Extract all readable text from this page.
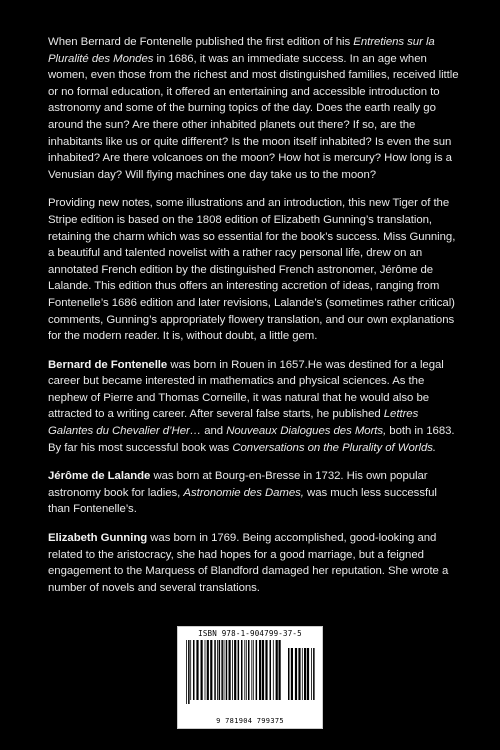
When Bernard de Fontenelle published the first edition of his Entretiens sur la Pluralité des Mondes in 1686, it was an immediate success. In an age when women, even those from the richest and most distinguished families, received little or no formal education, it offered an entertaining and accessible introduction to astronomy and some of the burning topics of the day. Does the earth really go around the sun? Are there other inhabited planets out there? If so, are the inhabitants like us or quite different? Is the moon itself inhabited? Is even the sun inhabited? Are there volcanoes on the moon? How hot is mercury? How long is a Venusian day? Will flying machines one day take us to the moon?

Providing new notes, some illustrations and an introduction, this new Tiger of the Stripe edition is based on the 1808 edition of Elizabeth Gunning’s translation, retaining the charm which was so essential for the book’s success. Miss Gunning, a beautiful and talented novelist with a rather racy personal life, drew on an annotated French edition by the distinguished French astronomer, Jérôme de Lalande. This edition thus offers an interesting accretion of ideas, ranging from Fontenelle’s 1686 edition and later revisions, Lalande’s (sometimes rather critical) comments, Gunning’s appropriately flowery translation, and our own explanations for the modern reader. It is, without doubt, a little gem.

Bernard de Fontenelle was born in Rouen in 1657.He was destined for a legal career but became interested in mathematics and physical sciences. As the nephew of Pierre and Thomas Corneille, it was natural that he would also be attracted to a writing career. After several false starts, he published Lettres Galantes du Chevalier d’Her… and Nouveaux Dialogues des Morts, both in 1683. By far his most successful book was Conversations on the Plurality of Worlds.

Jérôme de Lalande was born at Bourg-en-Bresse in 1732. His own popular astronomy book for ladies, Astronomie des Dames, was much less successful than Fontenelle’s.

Elizabeth Gunning was born in 1769. Being accomplished, good-looking and related to the aristocracy, she had hopes for a good marriage, but a feigned engagement to the Marquess of Blandford damaged her reputation. She wrote a number of novels and several translations.

ISBN 978-1-904799-37-5
9 781904 799375
